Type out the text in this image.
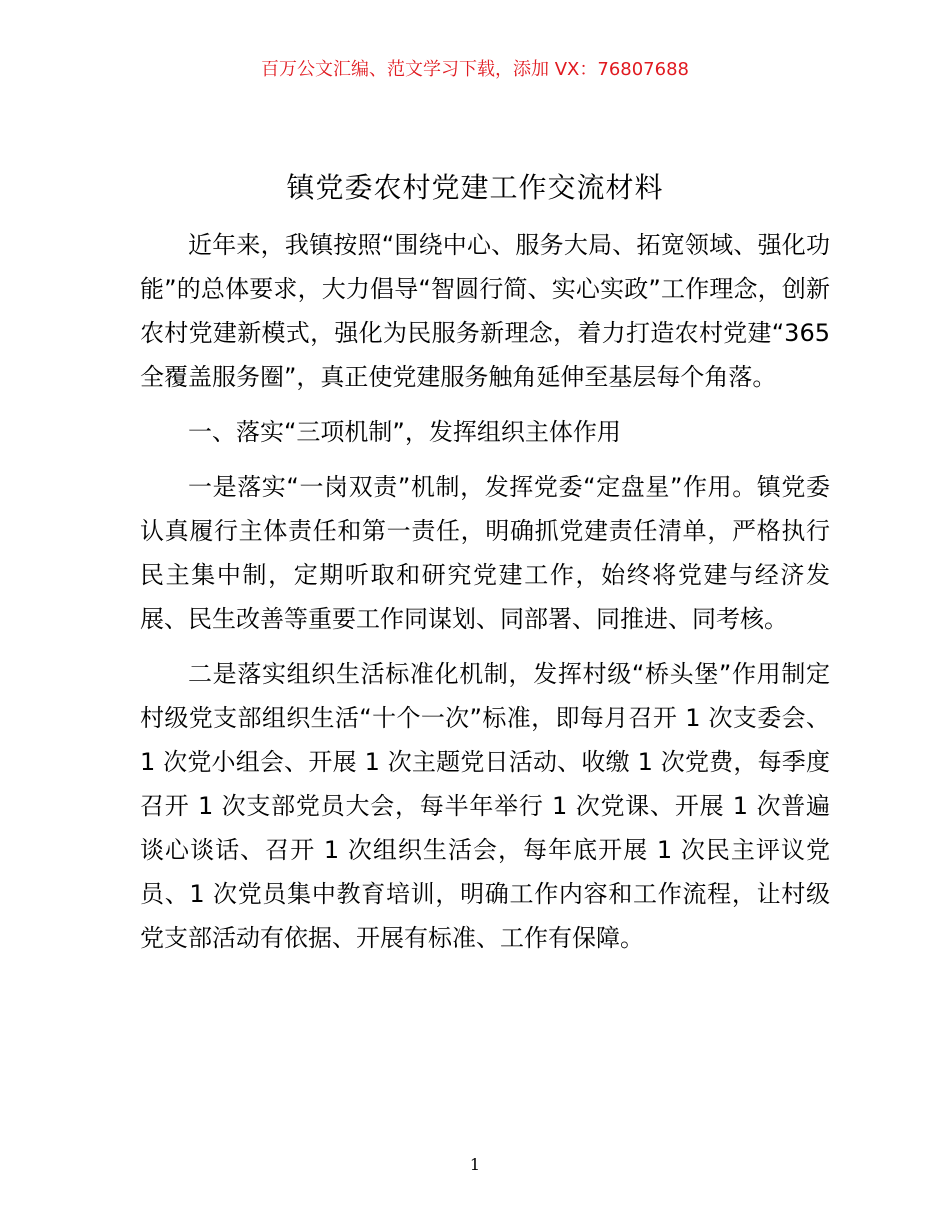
百万公文汇编、范文学习下载，添加 VX：76807688
镇党委农村党建工作交流材料

近年来，我镇按照“围绕中心、服务大局、拓宽领域、强化功能”的总体要求，大力倡导“智圆行简、实心实政”工作理念，创新农村党建新模式，强化为民服务新理念，着力打造农村党建“365 全覆盖服务圈”，真正使党建服务触角延伸至基层每个角落。

一、落实“三项机制”，发挥组织主体作用

一是落实“一岗双责”机制，发挥党委“定盘星”作用。镇党委认真履行主体责任和第一责任，明确抓党建责任清单，严格执行民主集中制，定期听取和研究党建工作，始终将党建与经济发展、民生改善等重要工作同谋划、同部署、同推进、同考核。

二是落实组织生活标准化机制，发挥村级“桥头堡”作用制定村级党支部组织生活“十个一次”标准，即每月召开 1 次支委会、1 次党小组会、开展 1 次主题党日活动、收缴 1 次党费，每季度召开 1 次支部党员大会，每半年举行 1 次党课、开展 1 次普遍谈心谈话、召开 1 次组织生活会，每年底开展 1 次民主评议党员、1 次党员集中教育培训，明确工作内容和工作流程，让村级党支部活动有依据、开展有标准、工作有保障。

1
